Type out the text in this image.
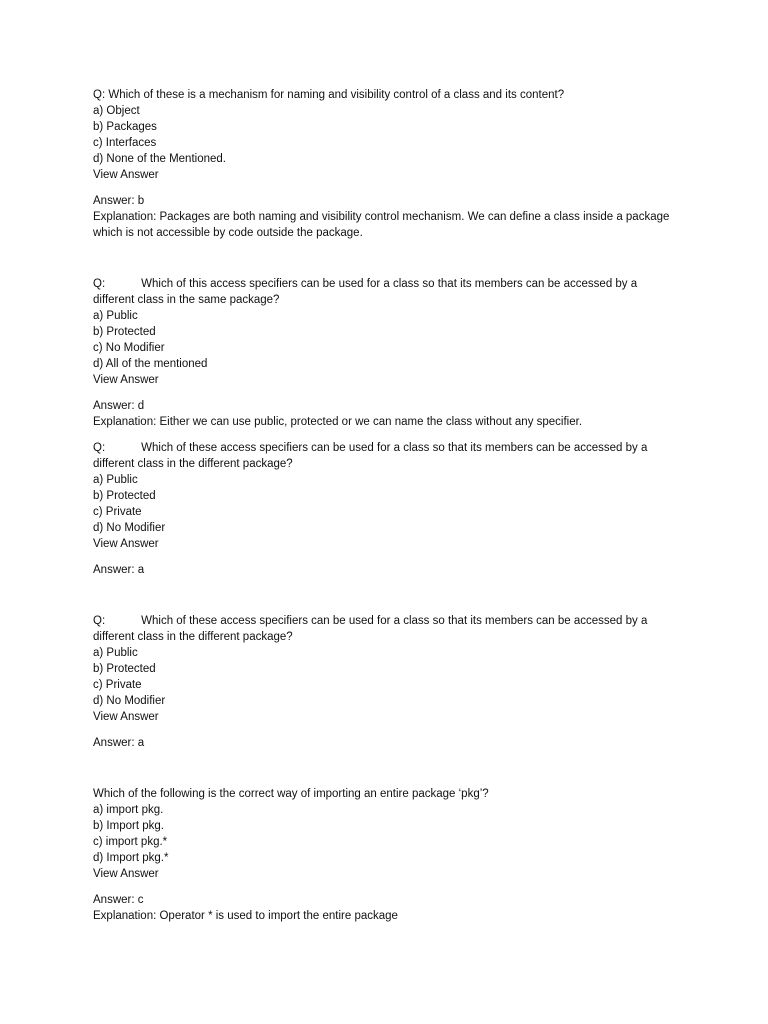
Q: Which of these is a mechanism for naming and visibility control of a class and its content?
a) Object
b) Packages
c) Interfaces
d) None of the Mentioned.
View Answer
Answer: b
Explanation: Packages are both naming and visibility control mechanism. We can define a class inside a package
which is not accessible by code outside the package.
Q:	Which of this access specifiers can be used for a class so that its members can be accessed by a
different class in the same package?
a) Public
b) Protected
c) No Modifier
d) All of the mentioned
View Answer
Answer: d
Explanation: Either we can use public, protected or we can name the class without any specifier.
Q:	Which of these access specifiers can be used for a class so that its members can be accessed by a
different class in the different package?
a) Public
b) Protected
c) Private
d) No Modifier
View Answer
Answer: a
Q:	Which of these access specifiers can be used for a class so that its members can be accessed by a
different class in the different package?
a) Public
b) Protected
c) Private
d) No Modifier
View Answer
Answer: a
Which of the following is the correct way of importing an entire package ‘pkg’?
a) import pkg.
b) Import pkg.
c) import pkg.*
d) Import pkg.*
View Answer
Answer: c
Explanation: Operator * is used to import the entire package
